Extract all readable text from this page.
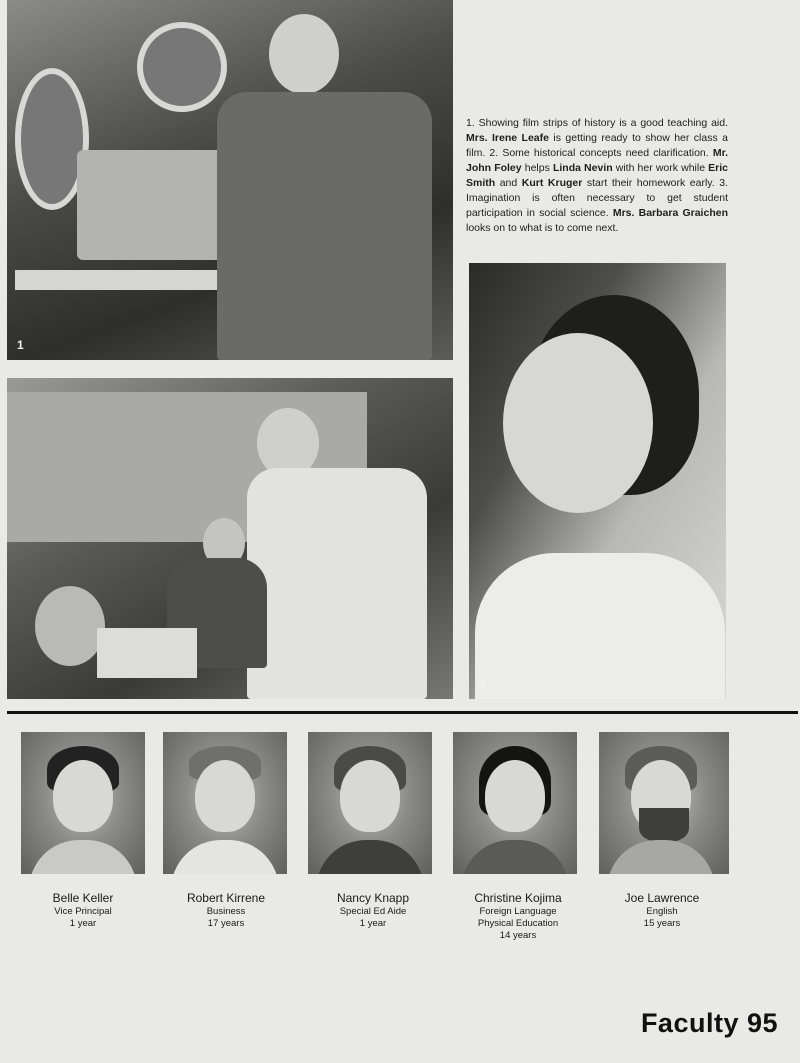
1
1. Showing film strips of history is a good teaching aid. Mrs. Irene Leafe is getting ready to show her class a film. 2. Some historical concepts need clarification. Mr. John Foley helps Linda Nevin with her work while Eric Smith and Kurt Kruger start their homework early. 3. Imagination is often necessary to get student participation in social science. Mrs. Barbara Graichen looks on to what is to come next.
3
Belle Keller
Vice Principal
1 year
Robert Kirrene
Business
17 years
Nancy Knapp
Special Ed Aide
1 year
Christine Kojima
Foreign Language
Physical Education
14 years
Joe Lawrence
English
15 years
Faculty 95
